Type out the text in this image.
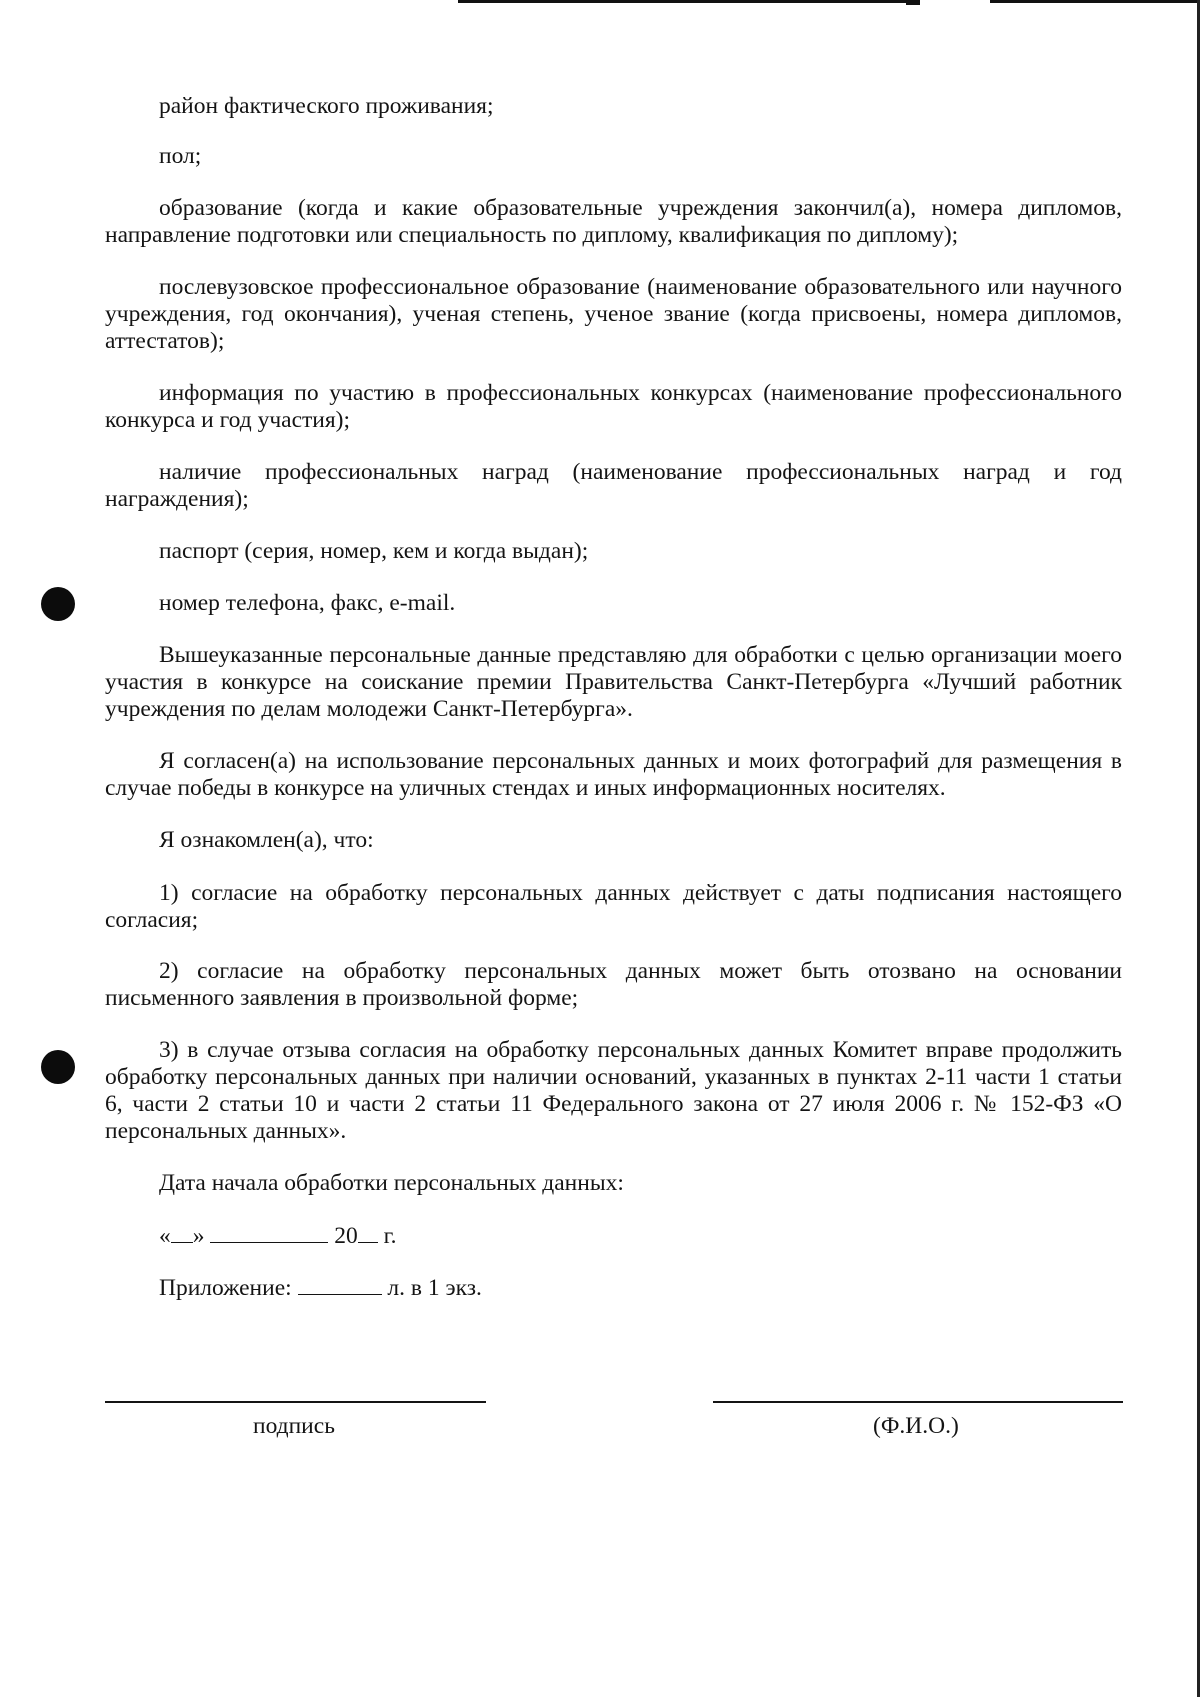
район фактического проживания;

пол;

образование (когда и какие образовательные учреждения закончил(а), номера дипломов, направление подготовки или специальность по диплому, квалификация по диплому);

послевузовское профессиональное образование (наименование образовательного или научного учреждения, год окончания), ученая степень, ученое звание (когда присвоены, номера дипломов, аттестатов);

информация по участию в профессиональных конкурсах (наименование профессионального конкурса и год участия);

наличие профессиональных наград (наименование профессиональных наград и год награждения);

паспорт (серия, номер, кем и когда выдан);

номер телефона, факс, e-mail.

Вышеуказанные персональные данные представляю для обработки с целью организации моего участия в конкурсе на соискание премии Правительства Санкт-Петербурга «Лучший работник учреждения по делам молодежи Санкт-Петербурга».

Я согласен(а) на использование персональных данных и моих фотографий для размещения в случае победы в конкурсе на уличных стендах и иных информационных носителях.

Я ознакомлен(а), что:

1) согласие на обработку персональных данных действует с даты подписания настоящего согласия;

2) согласие на обработку персональных данных может быть отозвано на основании письменного заявления в произвольной форме;

3) в случае отзыва согласия на обработку персональных данных Комитет вправе продолжить обработку персональных данных при наличии оснований, указанных в пунктах 2-11 части 1 статьи 6, части 2 статьи 10 и части 2 статьи 11 Федерального закона от 27 июля 2006 г. № 152-ФЗ «О персональных данных».

Дата начала обработки персональных данных:

« »	20 г.

Приложение:	л. в 1 экз.

подпись	(Ф.И.О.)
